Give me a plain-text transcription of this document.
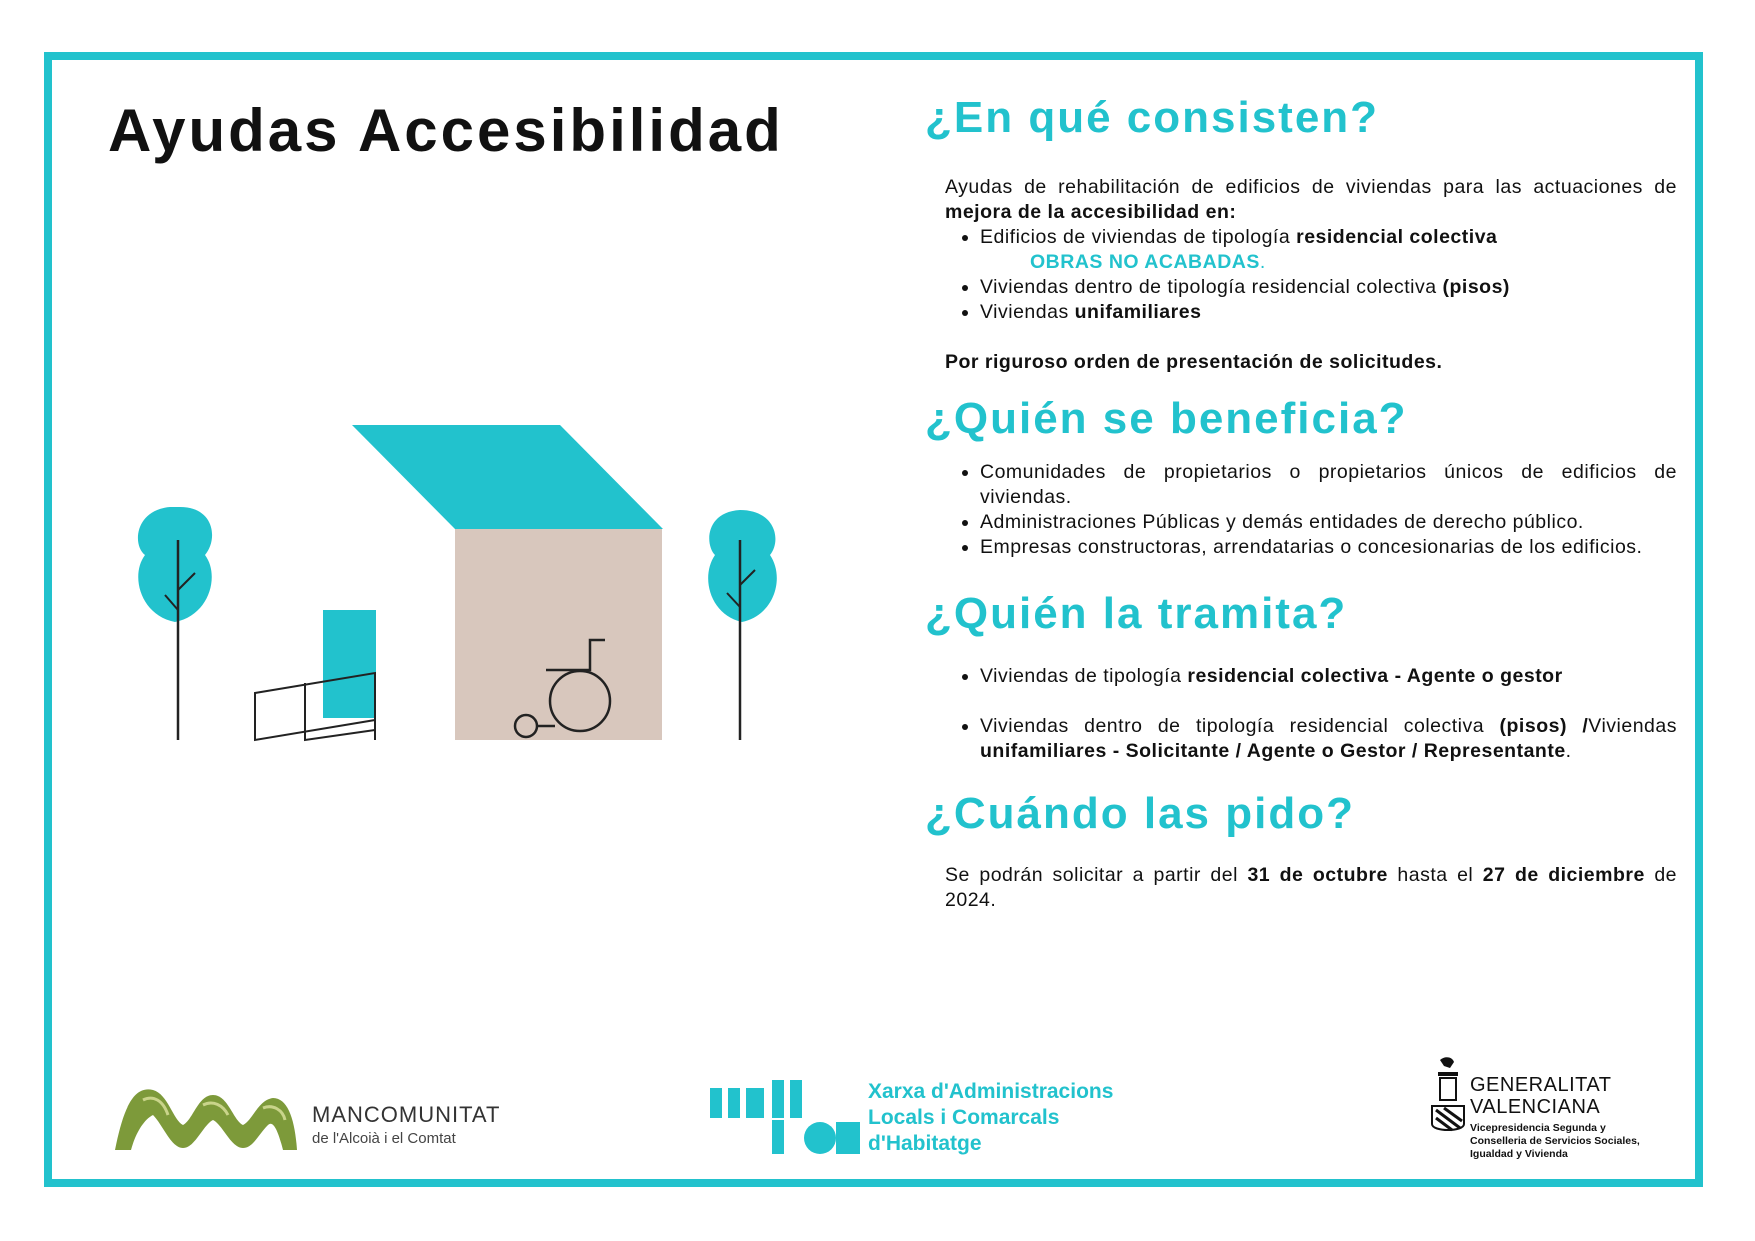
Ayudas Accesibilidad	¿En qué consisten?

Ayudas de rehabilitación de edificios de viviendas para las actuaciones de mejora de la accesibilidad en:

• Edificios de viviendas de tipología residencial colectiva
OBRAS NO ACABADAS.
• Viviendas dentro de tipología residencial colectiva (pisos)
• Viviendas unifamiliares

Por riguroso orden de presentación de solicitudes.

¿Quién se beneficia?
• Comunidades de propietarios o propietarios únicos de edificios de viviendas.
• Administraciones Públicas y demás entidades de derecho público.
• Empresas constructoras, arrendatarias o concesionarias de los edificios.
¿Quién la tramita?
• Viviendas de tipología residencial colectiva - Agente o gestor
• Viviendas dentro de tipología residencial colectiva (pisos) /Viviendas unifamiliares - Solicitante / Agente o Gestor / Representante.
¿Cuándo las pido?

Se podrán solicitar a partir del 31 de octubre hasta el 27 de diciembre de 2024.

MANCOMUNITAT
de l'Alcoià i el Comtat
Xarxa d'Administracions
Locals i Comarcals
d'Habitatge
GENERALITAT
VALENCIANA
Vicepresidencia Segunda y
Conselleria de Servicios Sociales,
Igualdad y Vivienda
